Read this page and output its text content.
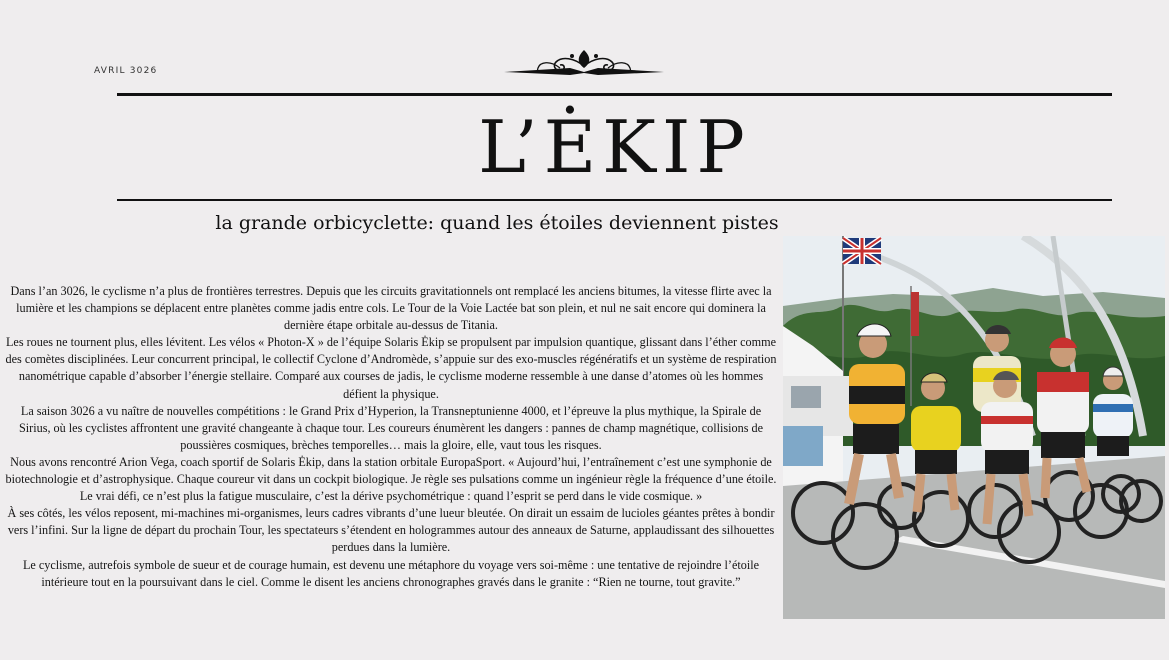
AVRIL 3026
L’ĖKIP
la grande orbicyclette: quand les étoiles deviennent pistes

Dans l’an 3026, le cyclisme n’a plus de frontières terrestres. Depuis que les circuits gravitationnels ont remplacé les anciens bitumes, la vitesse flirte avec la lumière et les champions se déplacent entre planètes comme jadis entre cols. Le Tour de la Voie Lactée bat son plein, et nul ne sait encore qui dominera la dernière étape orbitale au-dessus de Titania.

Les roues ne tournent plus, elles lévitent. Les vélos « Photon-X » de l’équipe Solaris Ėkip se propulsent par impulsion quantique, glissant dans l’éther comme des comètes disciplinées. Leur concurrent principal, le collectif Cyclone d’Andromède, s’appuie sur des exo-muscles régénératifs et un système de respiration nanométrique capable d’absorber l’énergie stellaire. Comparé aux courses de jadis, le cyclisme moderne ressemble à une danse d’atomes où les hommes défient la physique.

La saison 3026 a vu naître de nouvelles compétitions : le Grand Prix d’Hyperion, la Transneptunienne 4000, et l’épreuve la plus mythique, la Spirale de Sirius, où les cyclistes affrontent une gravité changeante à chaque tour. Les coureurs énumèrent les dangers : pannes de champ magnétique, collisions de poussières cosmiques, brèches temporelles… mais la gloire, elle, vaut tous les risques.

Nous avons rencontré Arion Vega, coach sportif de Solaris Ėkip, dans la station orbitale EuropaSport. « Aujourd’hui, l’entraînement c’est une symphonie de biotechnologie et d’astrophysique. Chaque coureur vit dans un cockpit biologique. Je règle ses pulsations comme un ingénieur règle la fréquence d’une étoile. Le vrai défi, ce n’est plus la fatigue musculaire, c’est la dérive psychométrique : quand l’esprit se perd dans le vide cosmique. »

À ses côtés, les vélos reposent, mi-machines mi-organismes, leurs cadres vibrants d’une lueur bleutée. On dirait un essaim de lucioles géantes prêtes à bondir vers l’infini. Sur la ligne de départ du prochain Tour, les spectateurs s’étendent en hologrammes autour des anneaux de Saturne, applaudissant des silhouettes perdues dans la lumière.

Le cyclisme, autrefois symbole de sueur et de courage humain, est devenu une métaphore du voyage vers soi-même : une tentative de rejoindre l’étoile intérieure tout en la poursuivant dans le ciel. Comme le disent les anciens chronographes gravés dans le granite : “Rien ne tourne, tout gravite.”
